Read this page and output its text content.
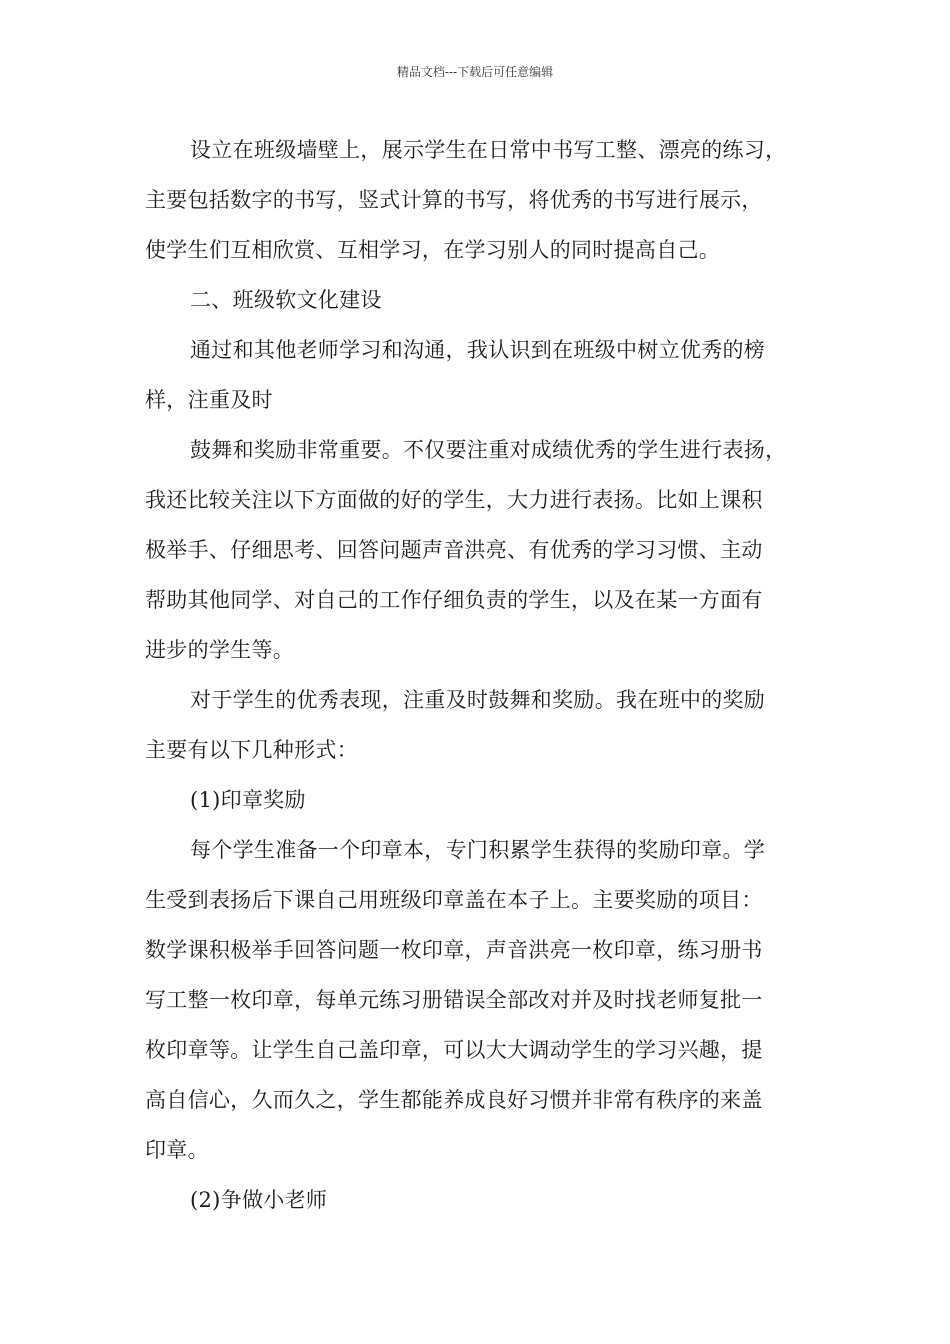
精品文档---下载后可任意编辑
设立在班级墙壁上，展示学生在日常中书写工整、漂亮的练习，
主要包括数字的书写，竖式计算的书写，将优秀的书写进行展示，
使学生们互相欣赏、互相学习，在学习别人的同时提高自己。
二、班级软文化建设
通过和其他老师学习和沟通，我认识到在班级中树立优秀的榜
样，注重及时
鼓舞和奖励非常重要。不仅要注重对成绩优秀的学生进行表扬，
我还比较关注以下方面做的好的学生，大力进行表扬。比如上课积
极举手、仔细思考、回答问题声音洪亮、有优秀的学习习惯、主动
帮助其他同学、对自己的工作仔细负责的学生，以及在某一方面有
进步的学生等。
对于学生的优秀表现，注重及时鼓舞和奖励。我在班中的奖励
主要有以下几种形式：
(1)印章奖励
每个学生准备一个印章本，专门积累学生获得的奖励印章。学
生受到表扬后下课自己用班级印章盖在本子上。主要奖励的项目：
数学课积极举手回答问题一枚印章，声音洪亮一枚印章，练习册书
写工整一枚印章，每单元练习册错误全部改对并及时找老师复批一
枚印章等。让学生自己盖印章，可以大大调动学生的学习兴趣，提
高自信心，久而久之，学生都能养成良好习惯并非常有秩序的来盖
印章。
(2)争做小老师
